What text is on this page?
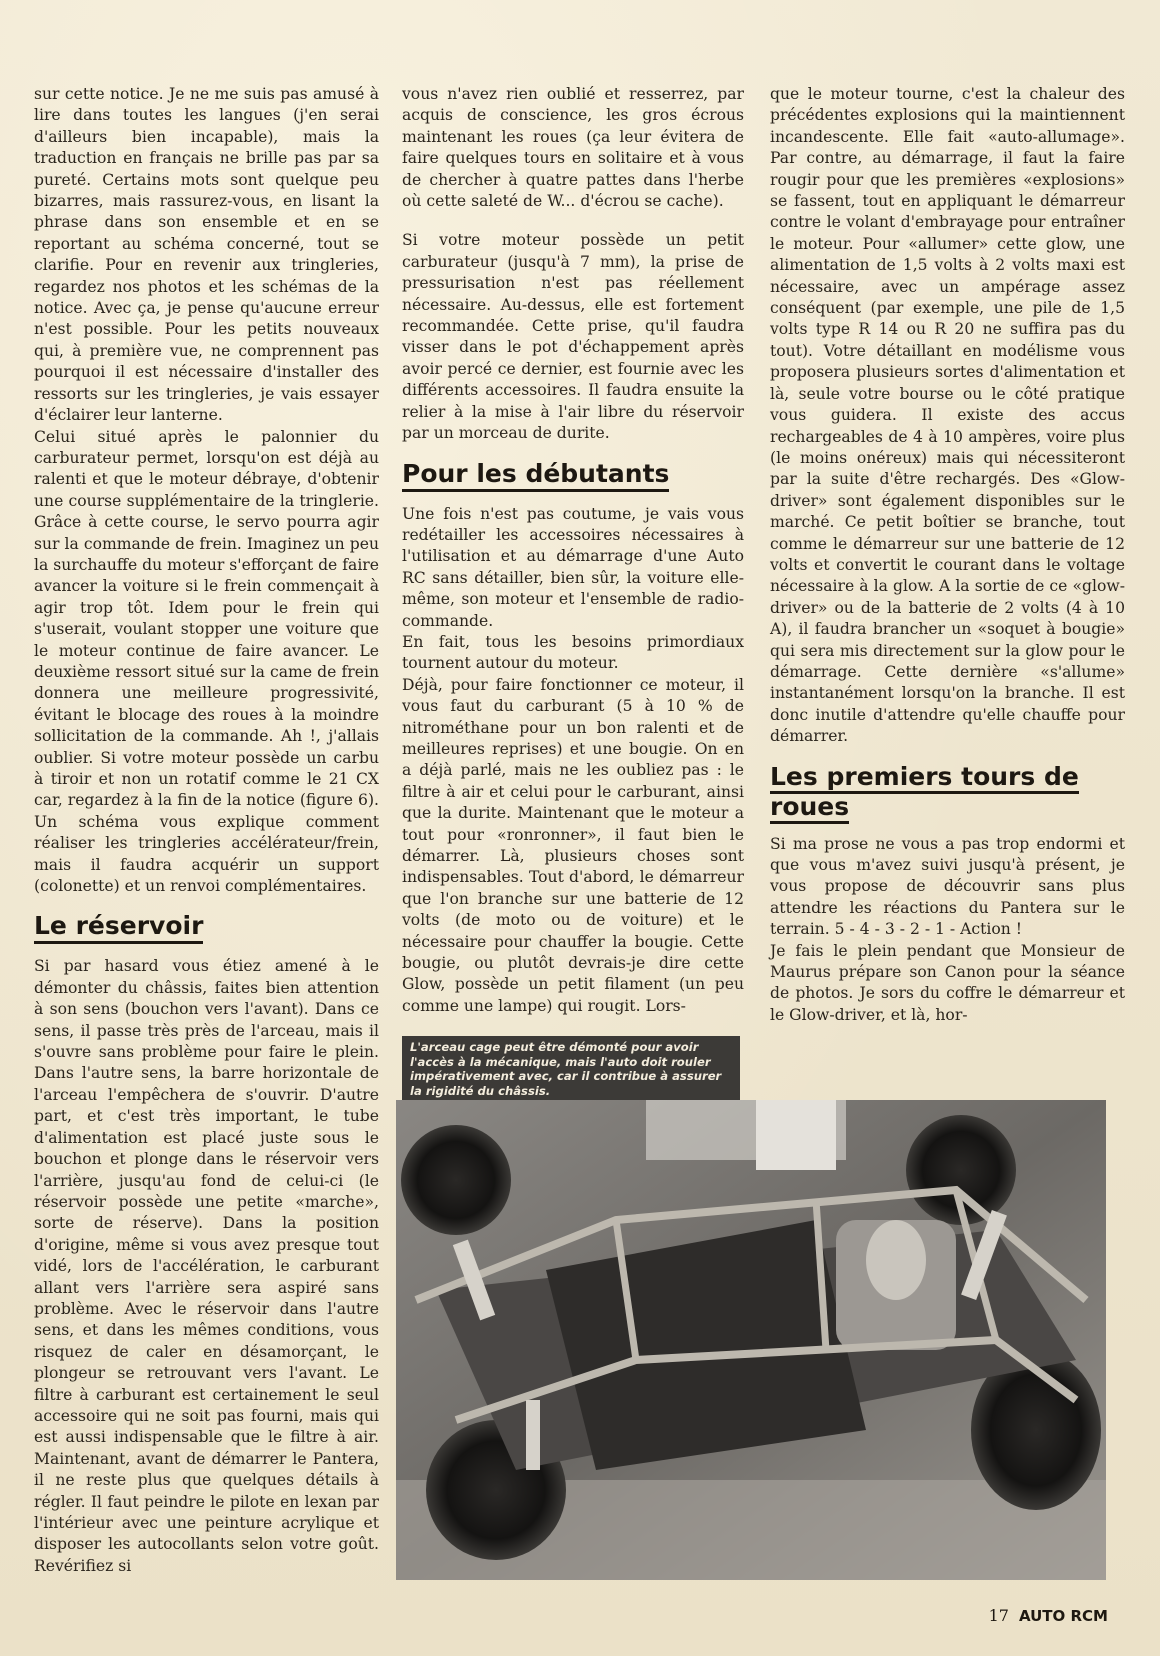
sur cette notice. Je ne me suis pas amusé à lire dans toutes les langues (j'en serai d'ailleurs bien incapable), mais la traduction en français ne brille pas par sa pureté. Certains mots sont quelque peu bizarres, mais rassurez-vous, en lisant la phrase dans son ensemble et en se reportant au schéma concerné, tout se clarifie. Pour en revenir aux tringleries, regardez nos photos et les schémas de la notice. Avec ça, je pense qu'aucune erreur n'est possible. Pour les petits nouveaux qui, à première vue, ne comprennent pas pourquoi il est nécessaire d'installer des ressorts sur les tringleries, je vais essayer d'éclairer leur lanterne.

Celui situé après le palonnier du carburateur permet, lorsqu'on est déjà au ralenti et que le moteur débraye, d'obtenir une course supplémentaire de la tringlerie. Grâce à cette course, le servo pourra agir sur la commande de frein. Imaginez un peu la surchauffe du moteur s'efforçant de faire avancer la voiture si le frein commençait à agir trop tôt. Idem pour le frein qui s'userait, voulant stopper une voiture que le moteur continue de faire avancer. Le deuxième ressort situé sur la came de frein donnera une meilleure progressivité, évitant le blocage des roues à la moindre sollicitation de la commande. Ah !, j'allais oublier. Si votre moteur possède un carbu à tiroir et non un rotatif comme le 21 CX car, regardez à la fin de la notice (figure 6). Un schéma vous explique comment réaliser les tringleries accélérateur/frein, mais il faudra acquérir un support (colonette) et un renvoi complémentaires.

Le réservoir

Si par hasard vous étiez amené à le démonter du châssis, faites bien attention à son sens (bouchon vers l'avant). Dans ce sens, il passe très près de l'arceau, mais il s'ouvre sans problème pour faire le plein. Dans l'autre sens, la barre horizontale de l'arceau l'empêchera de s'ouvrir. D'autre part, et c'est très important, le tube d'alimentation est placé juste sous le bouchon et plonge dans le réservoir vers l'arrière, jusqu'au fond de celui-ci (le réservoir possède une petite «marche», sorte de réserve). Dans la position d'origine, même si vous avez presque tout vidé, lors de l'accélération, le carburant allant vers l'arrière sera aspiré sans problème. Avec le réservoir dans l'autre sens, et dans les mêmes conditions, vous risquez de caler en désamorçant, le plongeur se retrouvant vers l'avant. Le filtre à carburant est certainement le seul accessoire qui ne soit pas fourni, mais qui est aussi indispensable que le filtre à air. Maintenant, avant de démarrer le Pantera, il ne reste plus que quelques détails à régler. Il faut peindre le pilote en lexan par l'intérieur avec une peinture acrylique et disposer les autocollants selon votre goût. Revérifiez si

vous n'avez rien oublié et resserrez, par acquis de conscience, les gros écrous maintenant les roues (ça leur évitera de faire quelques tours en solitaire et à vous de chercher à quatre pattes dans l'herbe où cette saleté de W... d'écrou se cache).

Si votre moteur possède un petit carburateur (jusqu'à 7 mm), la prise de pressurisation n'est pas réellement nécessaire. Au-dessus, elle est fortement recommandée. Cette prise, qu'il faudra visser dans le pot d'échappement après avoir percé ce dernier, est fournie avec les différents accessoires. Il faudra ensuite la relier à la mise à l'air libre du réservoir par un morceau de durite.

Pour les débutants

Une fois n'est pas coutume, je vais vous redétailler les accessoires nécessaires à l'utilisation et au démarrage d'une Auto RC sans détailler, bien sûr, la voiture elle-même, son moteur et l'ensemble de radio-commande.

En fait, tous les besoins primordiaux tournent autour du moteur.

Déjà, pour faire fonctionner ce moteur, il vous faut du carburant (5 à 10 % de nitrométhane pour un bon ralenti et de meilleures reprises) et une bougie. On en a déjà parlé, mais ne les oubliez pas : le filtre à air et celui pour le carburant, ainsi que la durite. Maintenant que le moteur a tout pour «ronronner», il faut bien le démarrer. Là, plusieurs choses sont indispensables. Tout d'abord, le démarreur que l'on branche sur une batterie de 12 volts (de moto ou de voiture) et le nécessaire pour chauffer la bougie. Cette bougie, ou plutôt devrais-je dire cette Glow, possède un petit filament (un peu comme une lampe) qui rougit. Lors-

que le moteur tourne, c'est la chaleur des précédentes explosions qui la maintiennent incandescente. Elle fait «auto-allumage». Par contre, au démarrage, il faut la faire rougir pour que les premières «explosions» se fassent, tout en appliquant le démarreur contre le volant d'embrayage pour entraîner le moteur. Pour «allumer» cette glow, une alimentation de 1,5 volts à 2 volts maxi est nécessaire, avec un ampérage assez conséquent (par exemple, une pile de 1,5 volts type R 14 ou R 20 ne suffira pas du tout). Votre détaillant en modélisme vous proposera plusieurs sortes d'alimentation et là, seule votre bourse ou le côté pratique vous guidera. Il existe des accus rechargeables de 4 à 10 ampères, voire plus (le moins onéreux) mais qui nécessiteront par la suite d'être rechargés. Des «Glow-driver» sont également disponibles sur le marché. Ce petit boîtier se branche, tout comme le démarreur sur une batterie de 12 volts et convertit le courant dans le voltage nécessaire à la glow. A la sortie de ce «glow-driver» ou de la batterie de 2 volts (4 à 10 A), il faudra brancher un «soquet à bougie» qui sera mis directement sur la glow pour le démarrage. Cette dernière «s'allume» instantanément lorsqu'on la branche. Il est donc inutile d'attendre qu'elle chauffe pour démarrer.

Les premiers tours de roues

Si ma prose ne vous a pas trop endormi et que vous m'avez suivi jusqu'à présent, je vous propose de découvrir sans plus attendre les réactions du Pantera sur le terrain. 5 - 4 - 3 - 2 - 1 - Action !

Je fais le plein pendant que Monsieur de Maurus prépare son Canon pour la séance de photos. Je sors du coffre le démarreur et le Glow-driver, et là, hor-

L'arceau cage peut être démonté pour avoir l'accès à la mécanique, mais l'auto doit rouler impérativement avec, car il contribue à assurer la rigidité du châssis.
17 AUTO RCM
